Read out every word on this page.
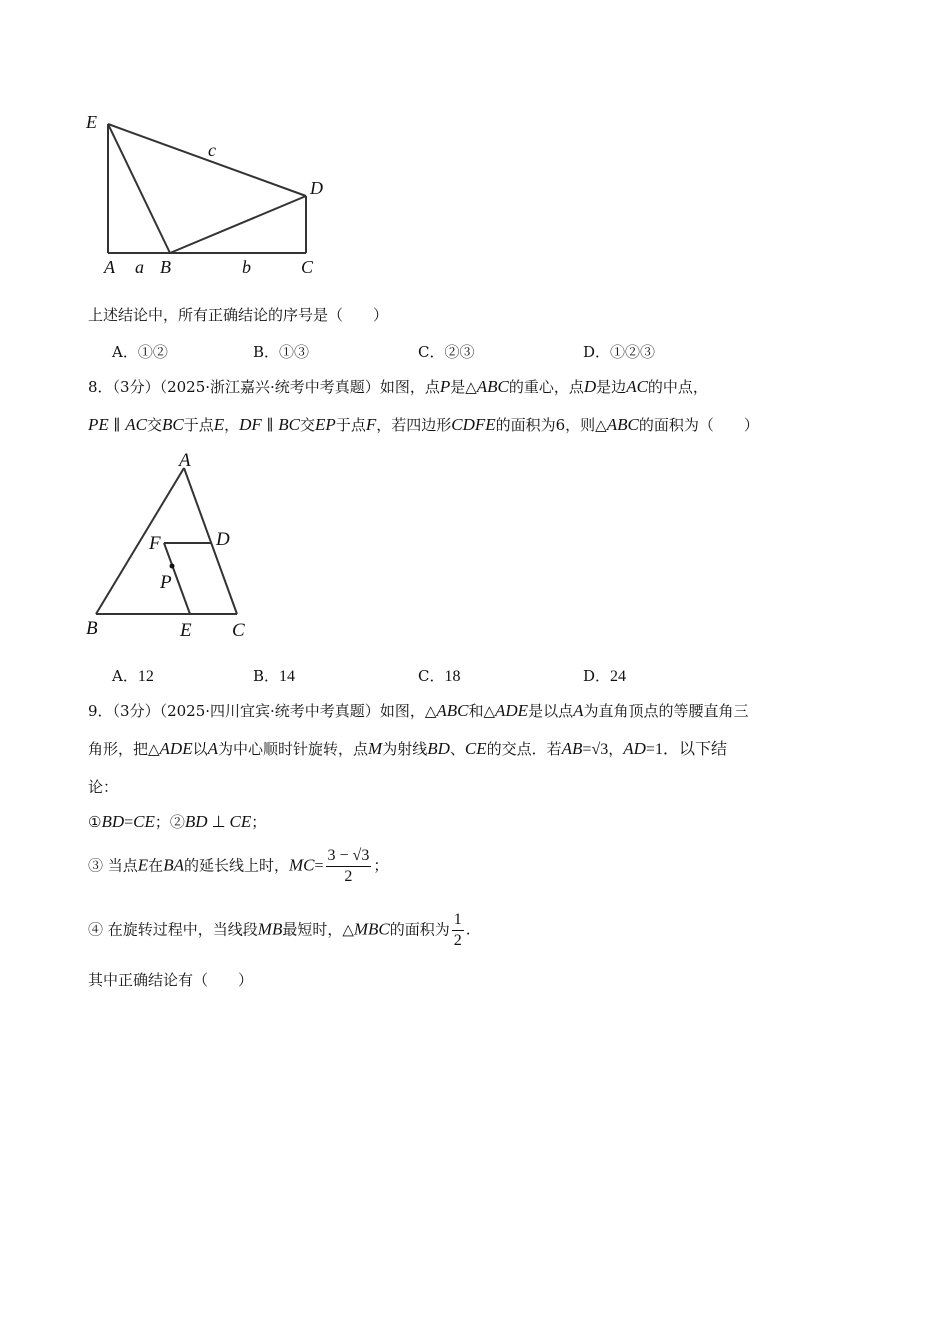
E
c
D
A a B	b	C
上述结论中，所有正确结论的序号是（　　）
A．①②	B．①③	C．②③	D．①②③
8．（3分）（2025·浙江嘉兴·统考中考真题）如图，点P是△ABC的重心，点D是边AC的中点，
PE ∥ AC交BC于点E，DF ∥ BC交EP于点F，若四边形CDFE的面积为6，则△ABC的面积为（　　）
A
F	D
P
B	E C
A．12	B．14	C．18	D．24
9．（3分）（2025·四川宜宾·统考中考真题）如图，△ABC和△ADE是以点A为直角顶点的等腰直角三
角形，把△ADE以A为中心顺时针旋转，点M为射线BD、CE的交点．若AB=√3，AD=1．以下结
论：
①BD=CE；②BD ⊥ CE；
③ 当点E在BA的延长线上时，$MC= \frac{3 - √3}{2}$ ；
④ 在旋转过程中，当线段MB最短时，△MBC的面积为 $\frac{1}{2}$ .
其中正确结论有（　　）
